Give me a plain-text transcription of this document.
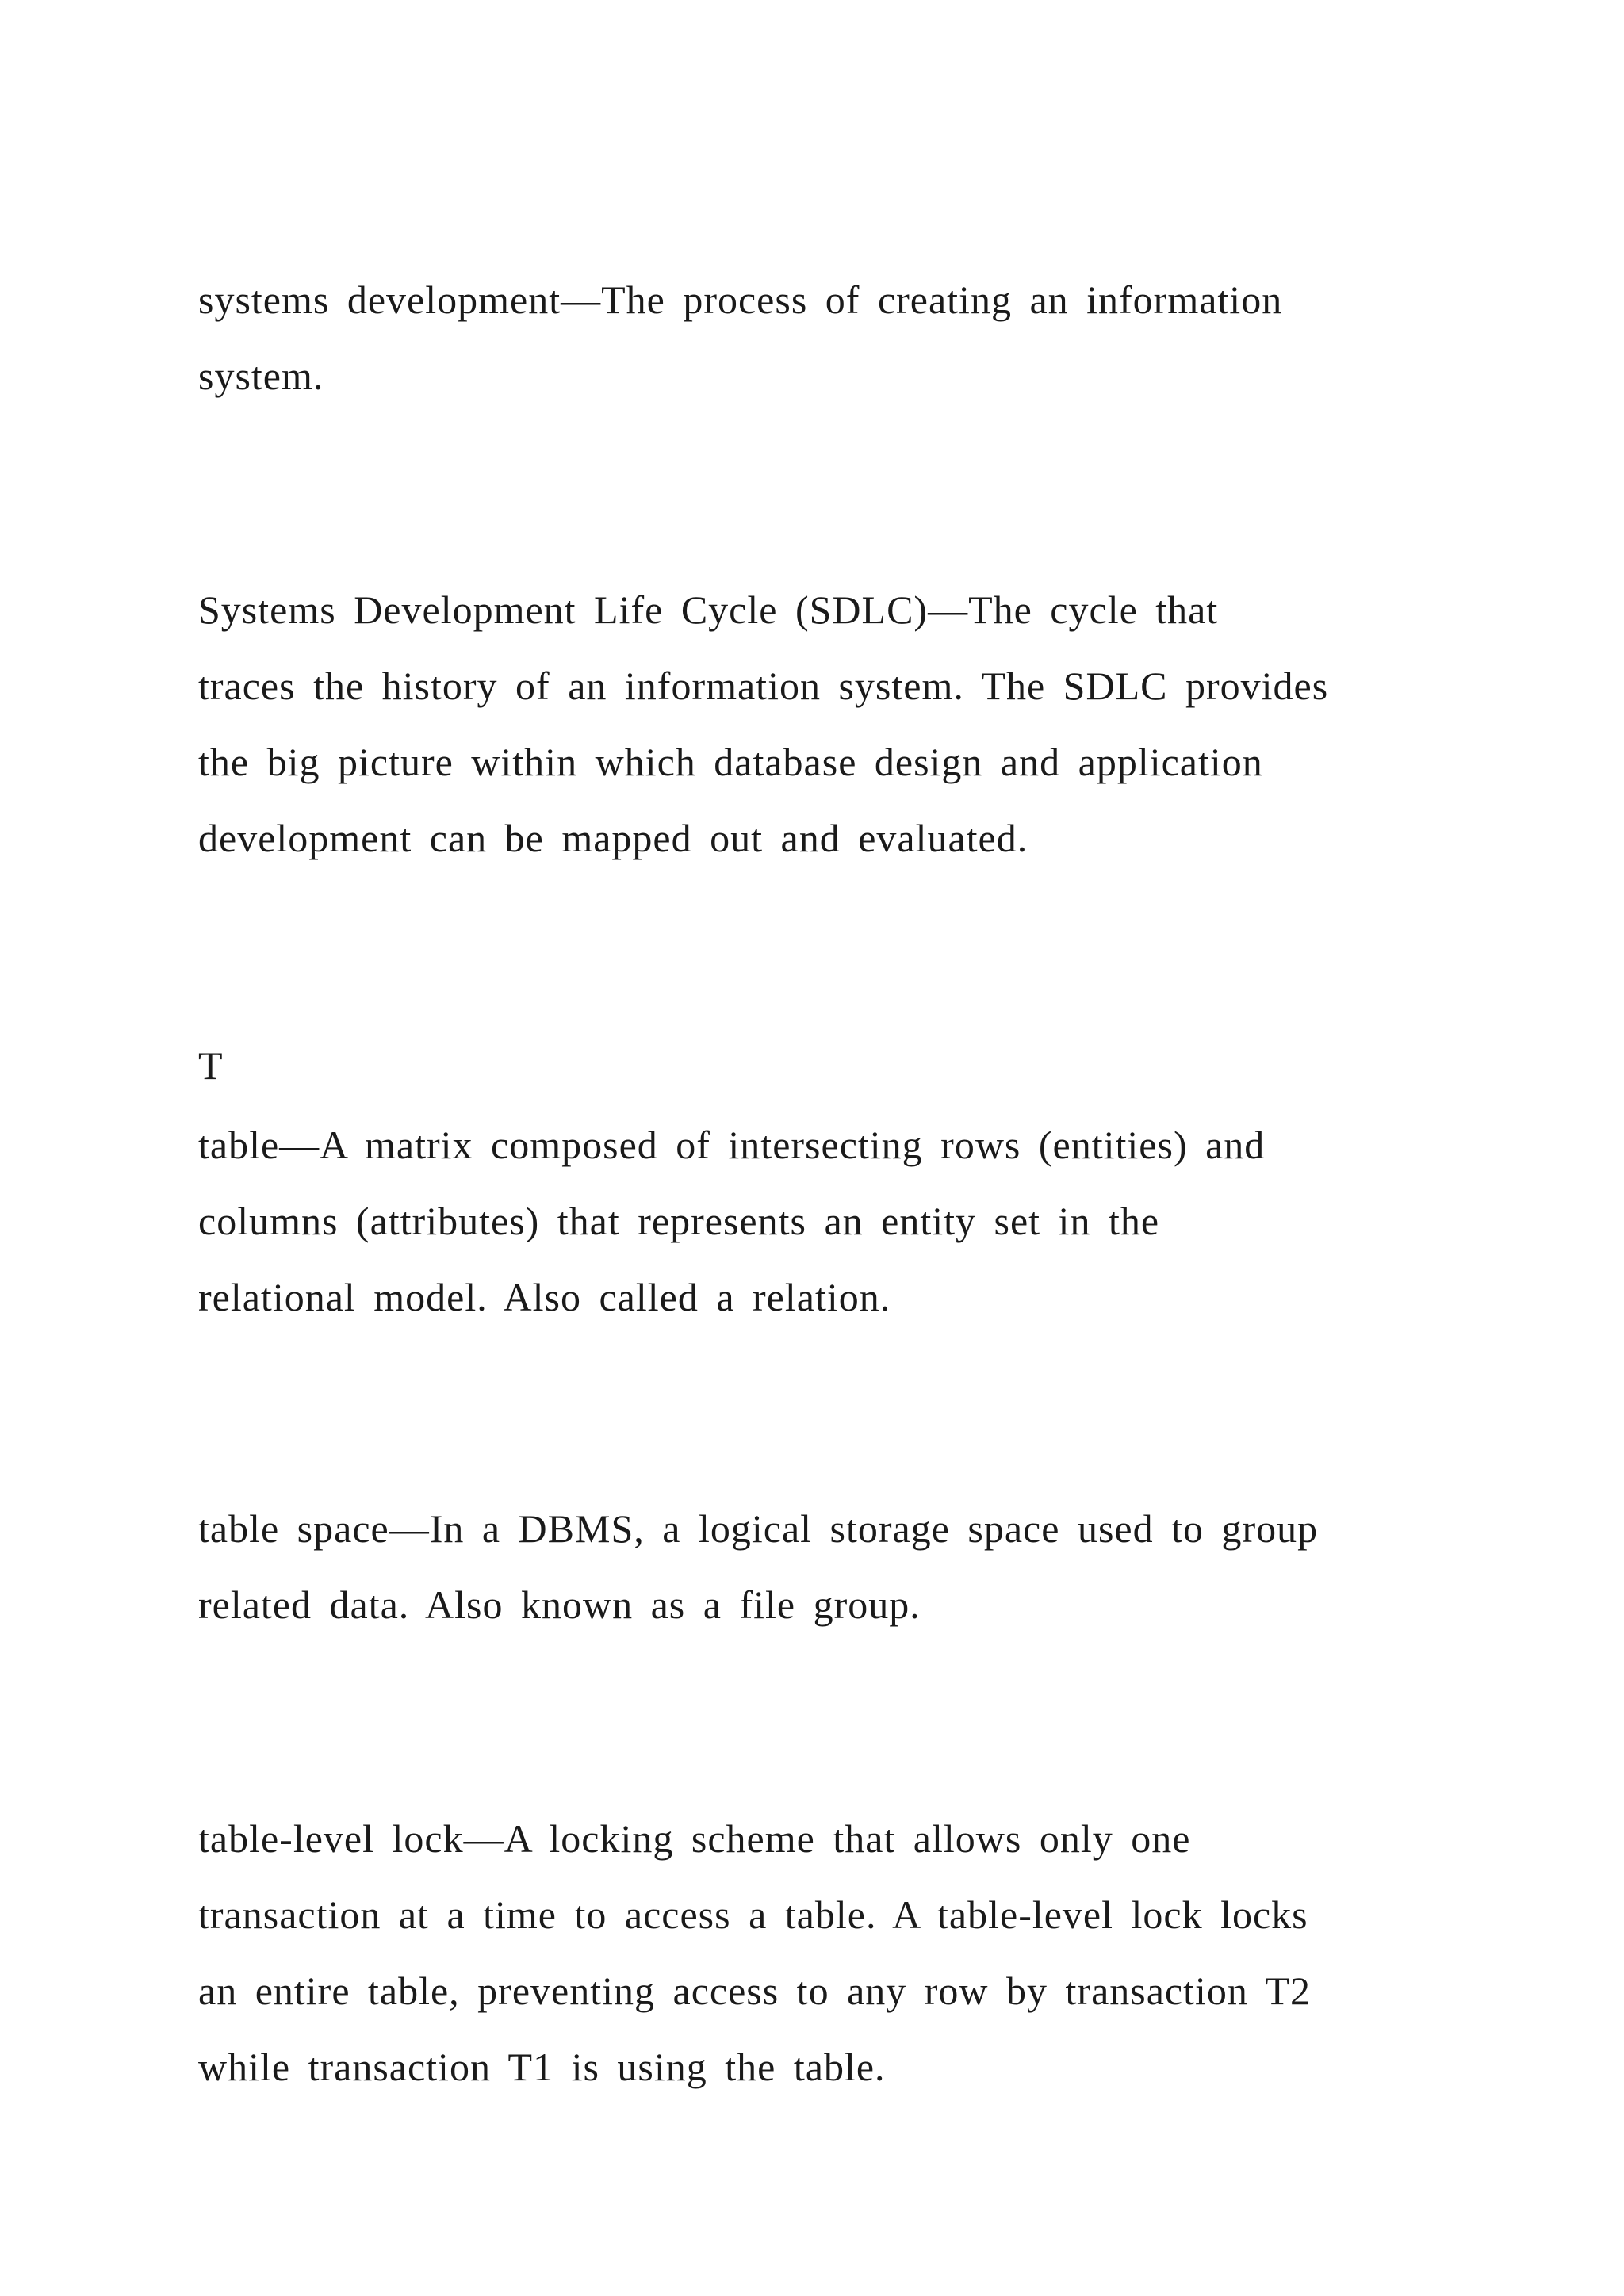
systems development—The process of creating an information
system.
Systems Development Life Cycle (SDLC)—The cycle that
traces the history of an information system. The SDLC provides
the big picture within which database design and application
development can be mapped out and evaluated.
T
table—A matrix composed of intersecting rows (entities) and
columns (attributes) that represents an entity set in the
relational model. Also called a relation.
table space—In a DBMS, a logical storage space used to group
related data. Also known as a file group.
table-level lock—A locking scheme that allows only one
transaction at a time to access a table. A table-level lock locks
an entire table, preventing access to any row by transaction T2
while transaction T1 is using the table.
